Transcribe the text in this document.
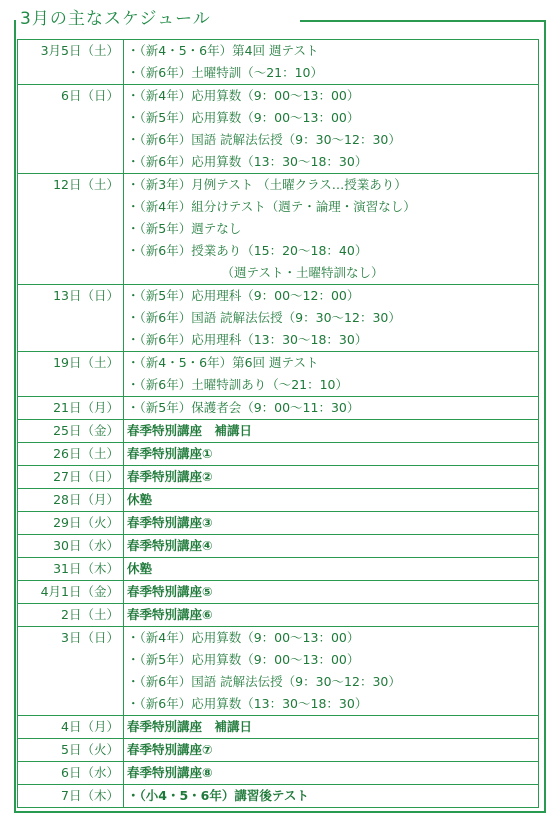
3月の主なスケジュール
3月5日（土）	・（新4・5・6年）第4回 週テスト
・（新6年）土曜特訓（〜21：10）

6日（日）	・（新4年）応用算数（9：00〜13：00）
・（新5年）応用算数（9：00〜13：00）
・（新6年）国語 読解法伝授（9：30〜12：30）
・（新6年）応用算数（13：30〜18：30）

12日（土）	・（新3年）月例テスト （土曜クラス…授業あり）
・（新4年）組分けテスト（週テ・論理・演習なし）
・（新5年）週テなし
・（新6年）授業あり（15：20〜18：40）
（週テスト・土曜特訓なし）

13日（日）	・（新5年）応用理科（9：00〜12：00）
・（新6年）国語 読解法伝授（9：30〜12：30）
・（新6年）応用理科（13：30〜18：30）

19日（土）	・（新4・5・6年）第6回 週テスト
・（新6年）土曜特訓あり（〜21：10）

21日（月）	・（新5年）保護者会（9：00〜11：30）

25日（金）	春季特別講座　補講日

26日（土）	春季特別講座①

27日（日）	春季特別講座②

28日（月）	休塾

29日（火）	春季特別講座③

30日（水）	春季特別講座④

31日（木）	休塾

4月1日（金）	春季特別講座⑤

2日（土）	春季特別講座⑥

3日（日）	・（新4年）応用算数（9：00〜13：00）
・（新5年）応用算数（9：00〜13：00）
・（新6年）国語 読解法伝授（9：30〜12：30）
・（新6年）応用算数（13：30〜18：30）

4日（月）	春季特別講座　補講日

5日（火）	春季特別講座⑦

6日（水）	春季特別講座⑧

7日（木）	・（小4・5・6年）講習後テスト
